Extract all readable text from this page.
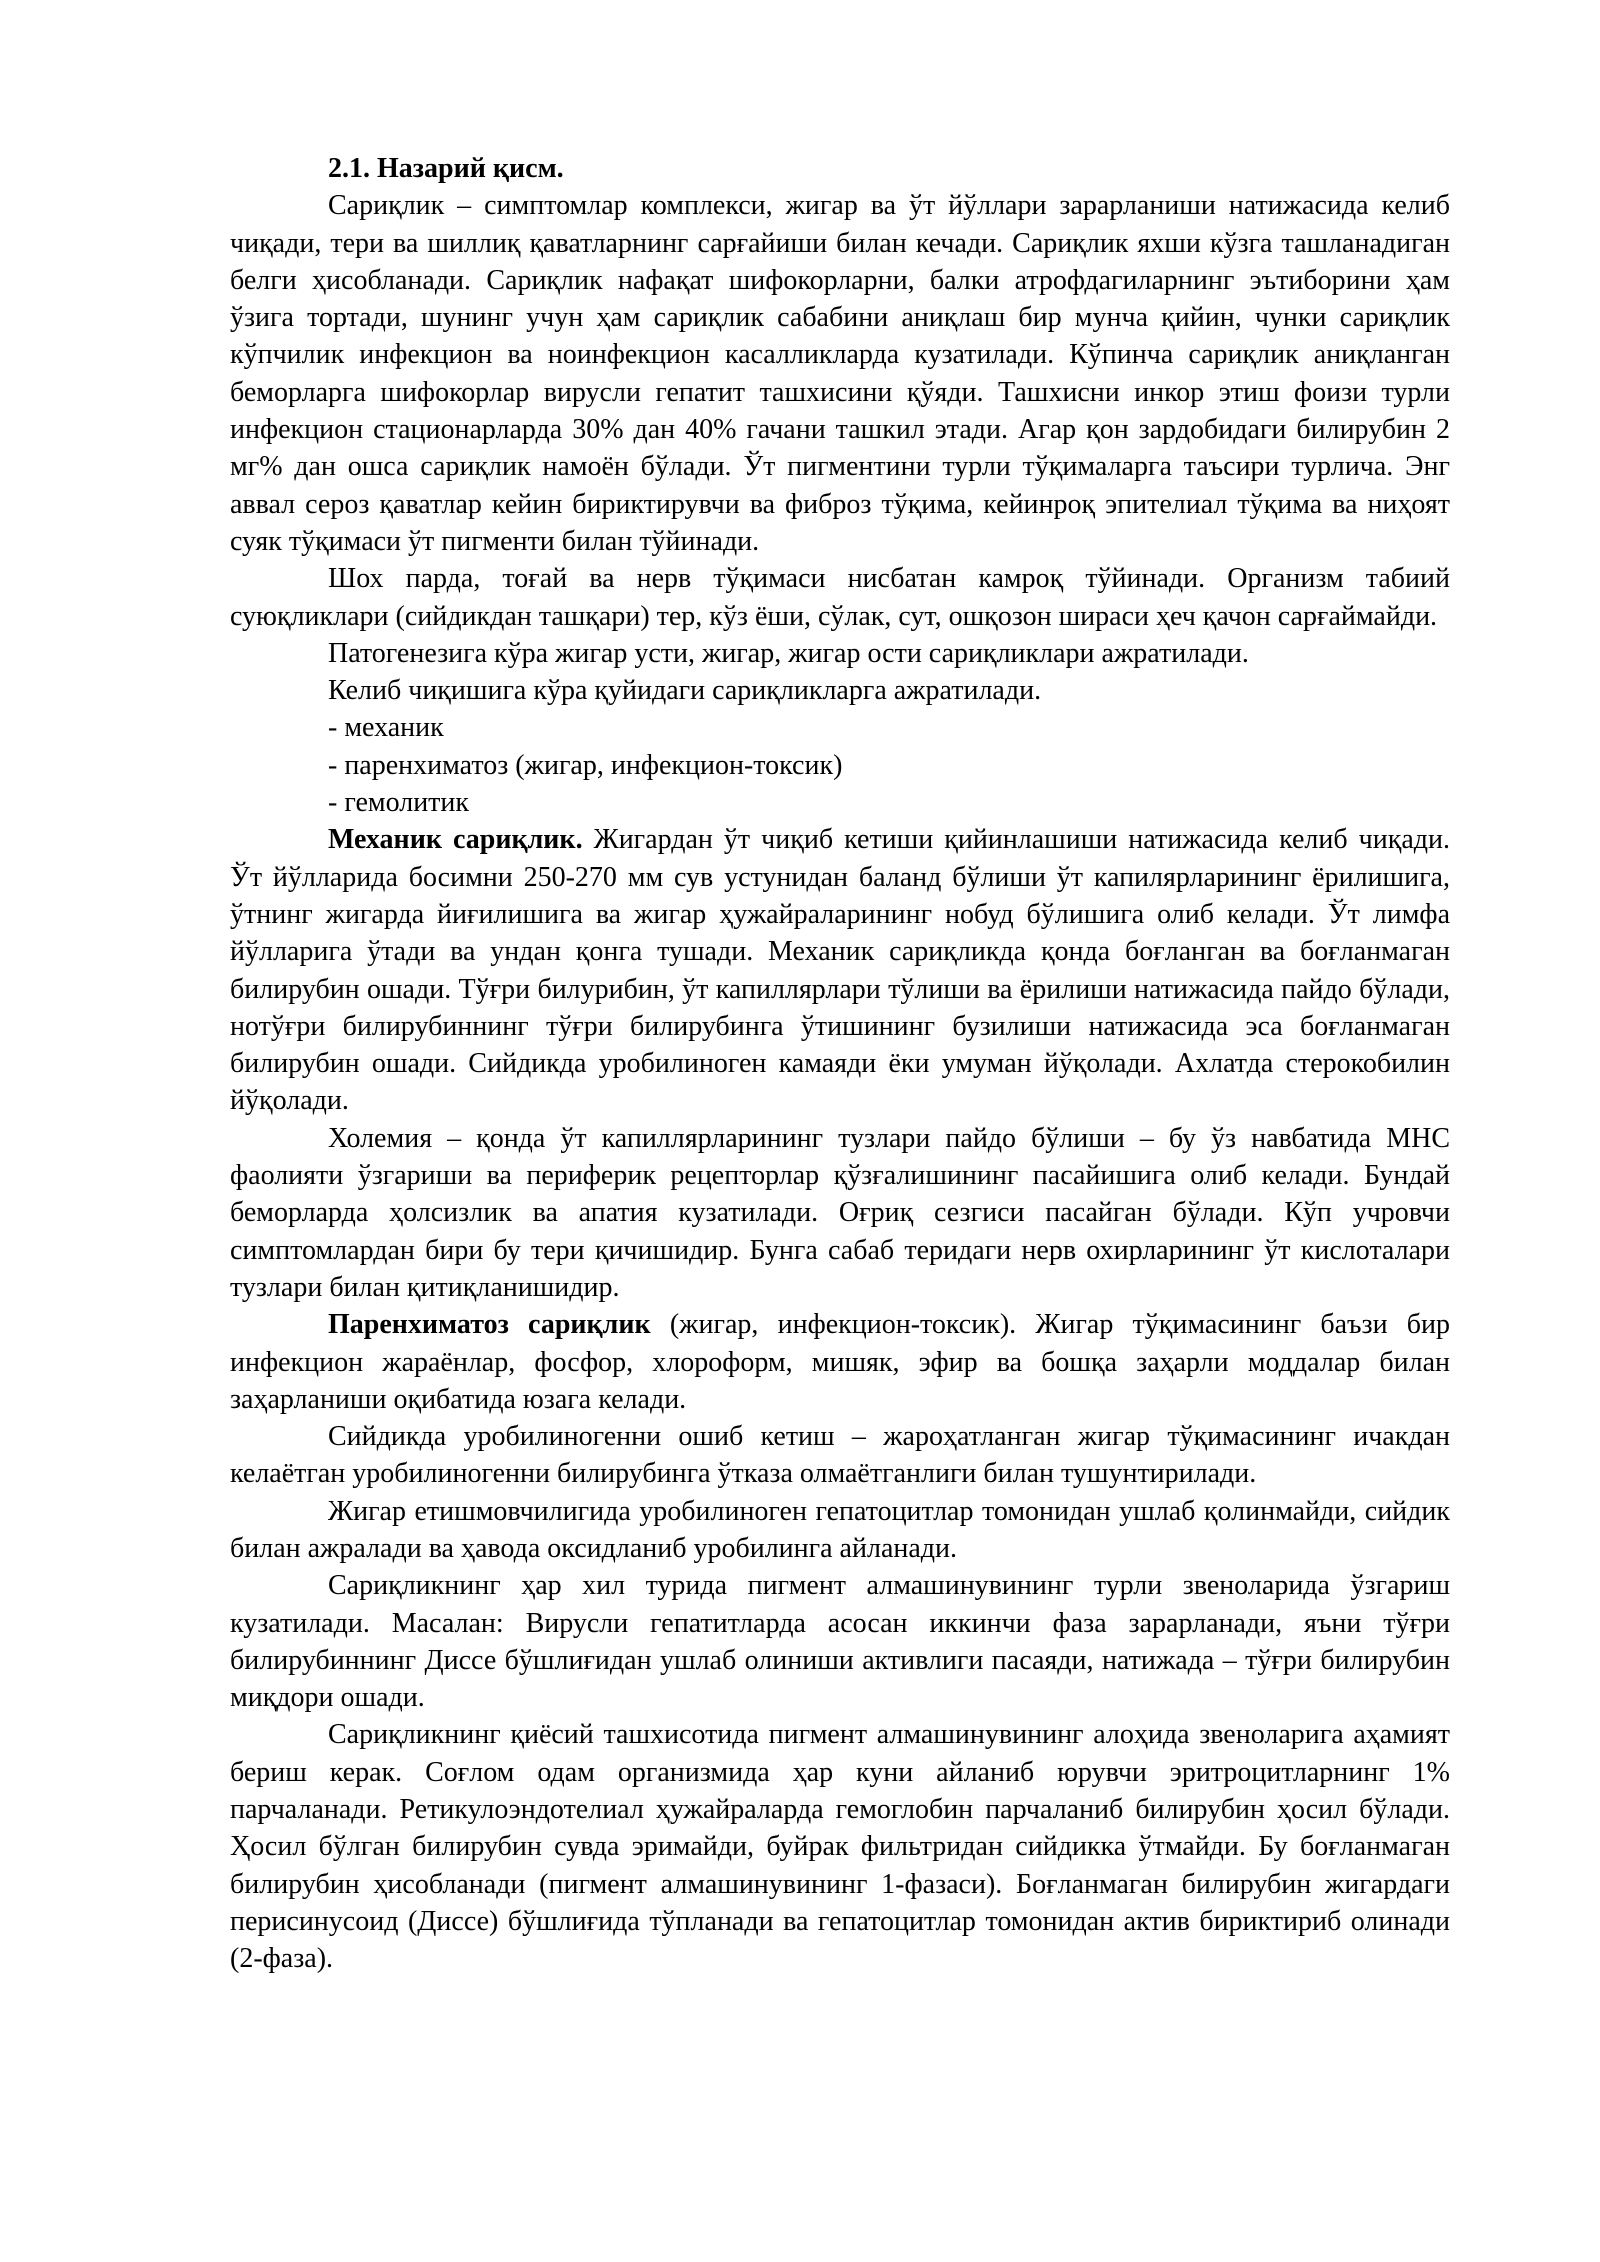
2.1. Назарий қисм.

Сариқлик – симптомлар комплекси, жигар ва ўт йўллари зарарланиши натижасида келиб чиқади, тери ва шиллиқ қаватларнинг сарғайиши билан кечади. Сариқлик яхши кўзга ташланадиган белги ҳисобланади. Сариқлик нафақат шифокорларни, балки атрофдагиларнинг эътиборини ҳам ўзига тортади, шунинг учун ҳам сариқлик сабабини аниқлаш бир мунча қийин, чунки сариқлик кўпчилик инфекцион ва ноинфекцион касалликларда кузатилади. Кўпинча сариқлик аниқланган беморларга шифокорлар вирусли гепатит ташхисини қўяди. Ташхисни инкор этиш фоизи турли инфекцион стационарларда 30% дан 40% гачани ташкил этади. Агар қон зардобидаги билирубин 2 мг% дан ошса сариқлик намоён бўлади. Ўт пигментини турли тўқималарга таъсири турлича. Энг аввал сероз қаватлар кейин бириктирувчи ва фиброз тўқима, кейинроқ эпителиал тўқима ва ниҳоят суяк тўқимаси ўт пигменти билан тўйинади.

Шох парда, тоғай ва нерв тўқимаси нисбатан камроқ тўйинади. Организм табиий суюқликлари (сийдикдан ташқари) тер, кўз ёши, сўлак, сут, ошқозон шираси ҳеч қачон сарғаймайди.

Патогенезига кўра жигар усти, жигар, жигар ости сариқликлари ажратилади.

Келиб чиқишига кўра қуйидаги сариқликларга ажратилади.

- механик

- паренхиматоз (жигар, инфекцион-токсик)

- гемолитик

Механик сариқлик. Жигардан ўт чиқиб кетиши қийинлашиши натижасида келиб чиқади. Ўт йўлларида босимни 250-270 мм сув устунидан баланд бўлиши ўт капилярларининг ёрилишига, ўтнинг жигарда йиғилишига ва жигар ҳужайраларининг нобуд бўлишига олиб келади. Ўт лимфа йўлларига ўтади ва ундан қонга тушади. Механик сариқликда қонда боғланган ва боғланмаган билирубин ошади. Тўғри билурибин, ўт капиллярлари тўлиши ва ёрилиши натижасида пайдо бўлади, нотўғри билирубиннинг тўғри билирубинга ўтишининг бузилиши натижасида эса боғланмаган билирубин ошади. Сийдикда уробилиноген камаяди ёки умуман йўқолади. Ахлатда стерокобилин йўқолади.

Холемия – қонда ўт капиллярларининг тузлари пайдо бўлиши – бу ўз навбатида МНС фаолияти ўзгариши ва периферик рецепторлар қўзғалишининг пасайишига олиб келади. Бундай беморларда ҳолсизлик ва апатия кузатилади. Оғриқ сезгиси пасайган бўлади. Кўп учровчи симптомлардан бири бу тери қичишидир. Бунга сабаб теридаги нерв охирларининг ўт кислоталари тузлари билан қитиқланишидир.

Паренхиматоз сариқлик (жигар, инфекцион-токсик). Жигар тўқимасининг баъзи бир инфекцион жараёнлар, фосфор, хлороформ, мишяк, эфир ва бошқа заҳарли моддалар билан заҳарланиши оқибатида юзага келади.

Сийдикда уробилиногенни ошиб кетиш – жароҳатланган жигар тўқимасининг ичакдан келаётган уробилиногенни билирубинга ўтказа олмаётганлиги билан тушунтирилади.

Жигар етишмовчилигида уробилиноген гепатоцитлар томонидан ушлаб қолинмайди, сийдик билан ажралади ва ҳавода оксидланиб уробилинга айланади.

Сариқликнинг ҳар хил турида пигмент алмашинувининг турли звеноларида ўзгариш кузатилади. Масалан: Вирусли гепатитларда асосан иккинчи фаза зарарланади, яъни тўғри билирубиннинг Диссе бўшлиғидан ушлаб олиниши активлиги пасаяди, натижада – тўғри билирубин миқдори ошади.

Сариқликнинг қиёсий ташхисотида пигмент алмашинувининг алоҳида звеноларига аҳамият бериш керак. Соғлом одам организмида ҳар куни айланиб юрувчи эритроцитларнинг 1% парчаланади. Ретикулоэндотелиал ҳужайраларда гемоглобин парчаланиб билирубин ҳосил бўлади. Ҳосил бўлган билирубин сувда эримайди, буйрак фильтридан сийдикка ўтмайди. Бу боғланмаган билирубин ҳисобланади (пигмент алмашинувининг 1-фазаси). Боғланмаган билирубин жигардаги перисинусоид (Диссе) бўшлиғида тўпланади ва гепатоцитлар томонидан актив бириктириб олинади (2-фаза).
